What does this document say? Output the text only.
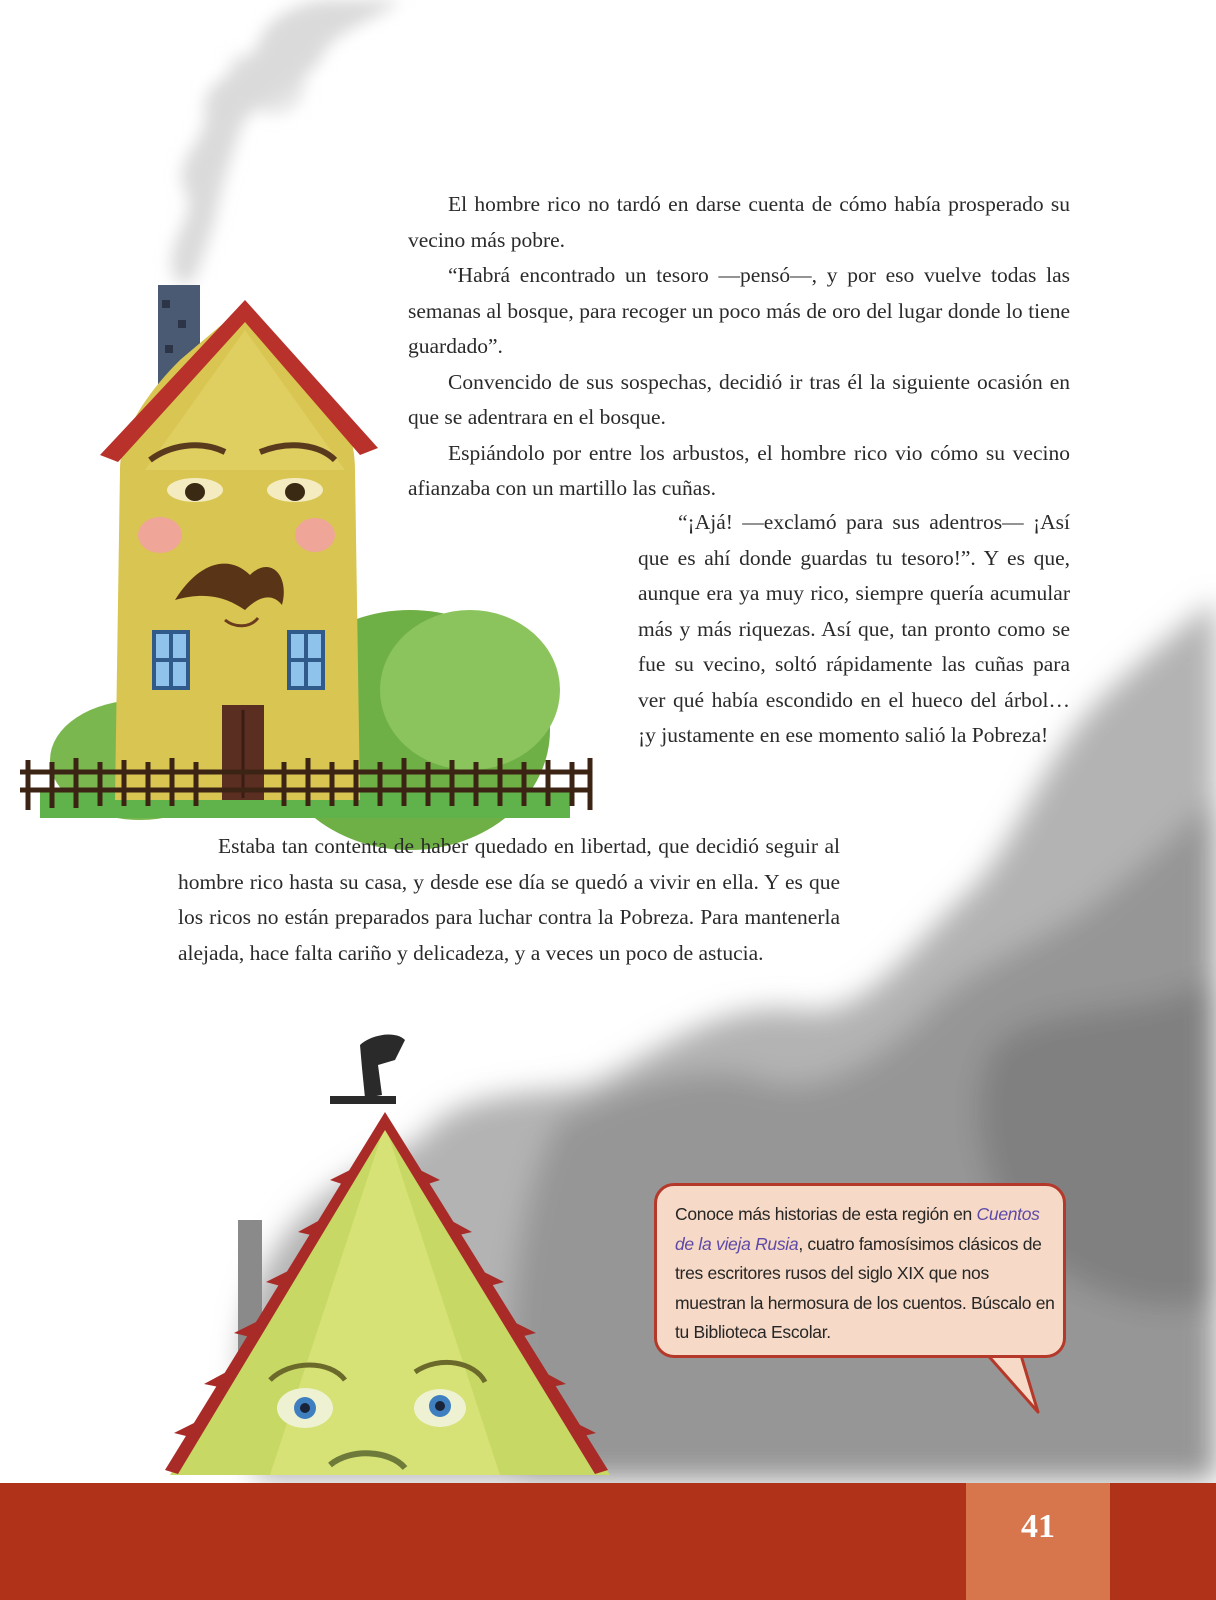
El hombre rico no tardó en darse cuenta de cómo había prosperado su vecino más pobre.

“Habrá encontrado un tesoro —pensó—, y por eso vuelve todas las semanas al bosque, para recoger un poco más de oro del lugar donde lo tiene guardado”.

Convencido de sus sospechas, decidió ir tras él la siguiente ocasión en que se adentrara en el bosque.

Espiándolo por entre los arbustos, el hombre rico vio cómo su vecino afianzaba con un martillo las cuñas.

“¡Ajá! —exclamó para sus adentros— ¡Así que es ahí donde guardas tu tesoro!”. Y es que, aunque era ya muy rico, siempre quería acumular más y más riquezas. Así que, tan pronto como se fue su vecino, soltó rápidamente las cuñas para ver qué había escondido en el hueco del árbol… ¡y justamente en ese momento salió la Pobreza!

Estaba tan contenta de haber quedado en libertad, que decidió seguir al hombre rico hasta su casa, y desde ese día se quedó a vivir en ella. Y es que los ricos no están preparados para luchar contra la Pobreza. Para mantenerla alejada, hace falta cariño y delicadeza, y a veces un poco de astucia.

Conoce más historias de esta región en Cuentos de la vieja Rusia, cuatro famosísimos clásicos de tres escritores rusos del siglo XIX que nos muestran la hermosura de los cuentos. Búscalo en tu Biblioteca Escolar.

41
